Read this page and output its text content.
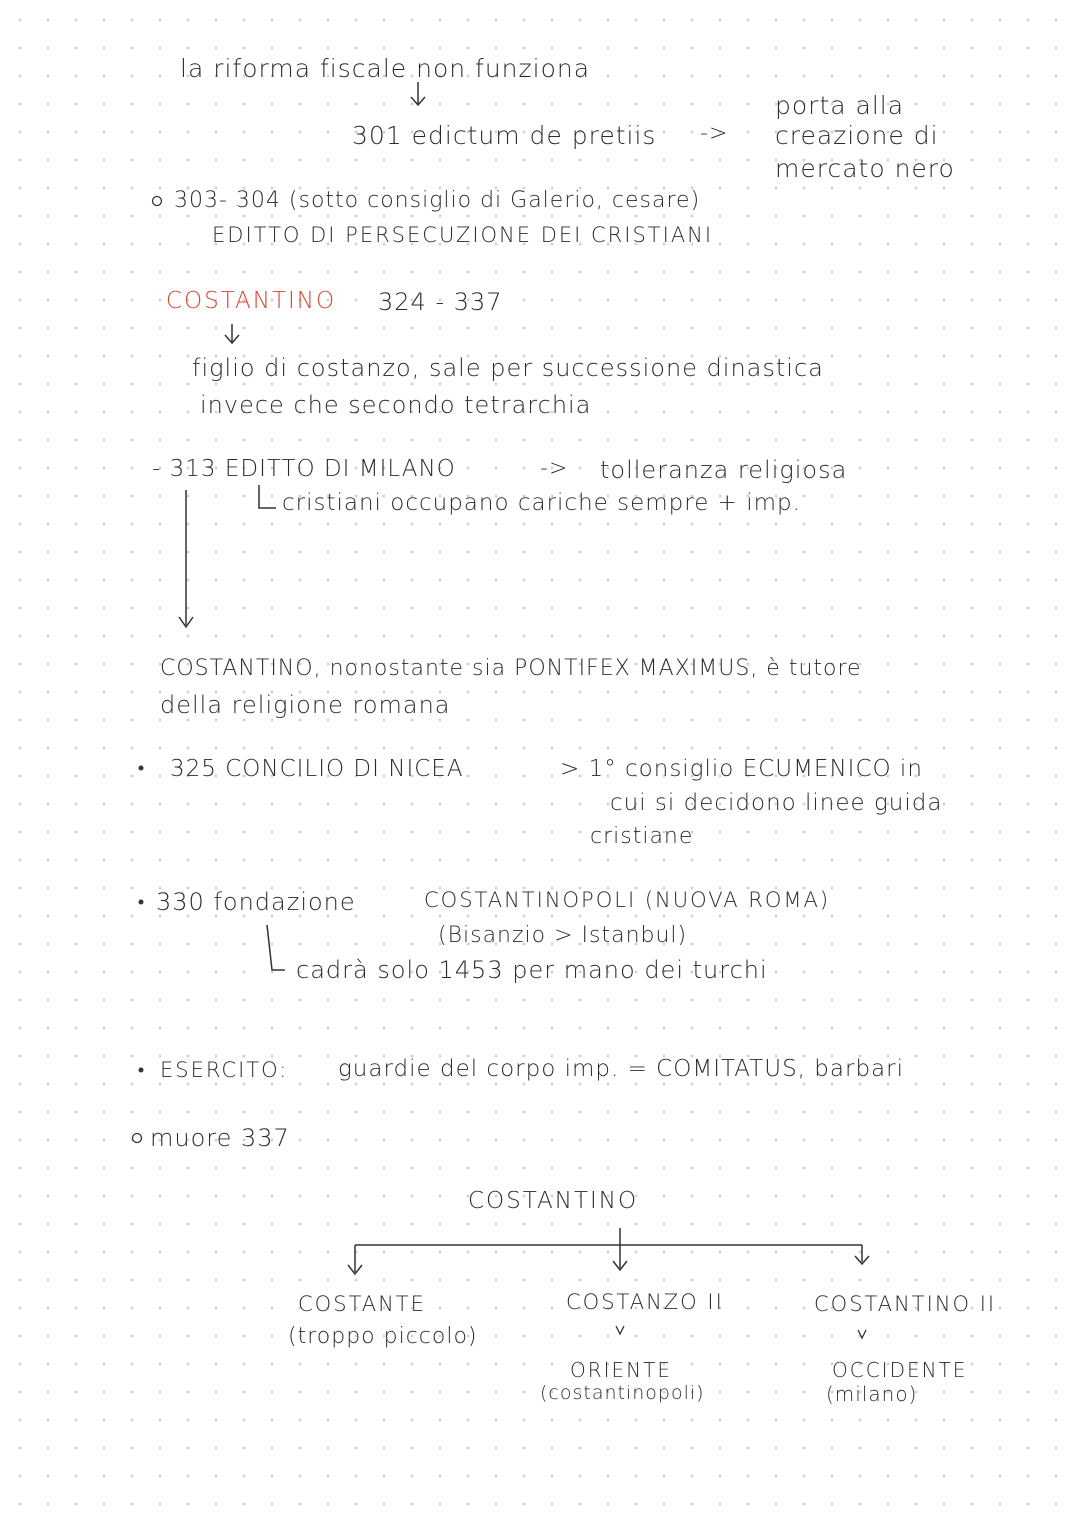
la riforma fiscale non funziona
301 edictum de pretiis ->
porta alla
creazione di
mercato nero
303- 304 (sotto consiglio di Galerio, cesare)
EDITTO DI PERSECUZIONE DEI CRISTIANI
COSTANTINO 324 - 337
figlio di costanzo, sale per successione dinastica
invece che secondo tetrarchia
- 313 EDITTO DI MILANO	-> tolleranza religiosa
cristiani occupano cariche sempre + imp.
COSTANTINO, nonostante sia PONTIFEX MAXIMUS, è tutore
della religione romana
325 CONCILIO DI NICEA	> 1° consiglio ECUMENICO in
cui si decidono linee guida
cristiane
330 fondazione	COSTANTINOPOLI (NUOVA ROMA)
(Bisanzio > Istanbul)
cadrà solo 1453 per mano dei turchi
ESERCITO: guardie del corpo imp. = COMITATUS, barbari
muore 337
COSTANTINO
COSTANTE
(troppo piccolo)
COSTANZO II
ORIENTE
(costantinopoli)
COSTANTINO II
OCCIDENTE
(milano)
